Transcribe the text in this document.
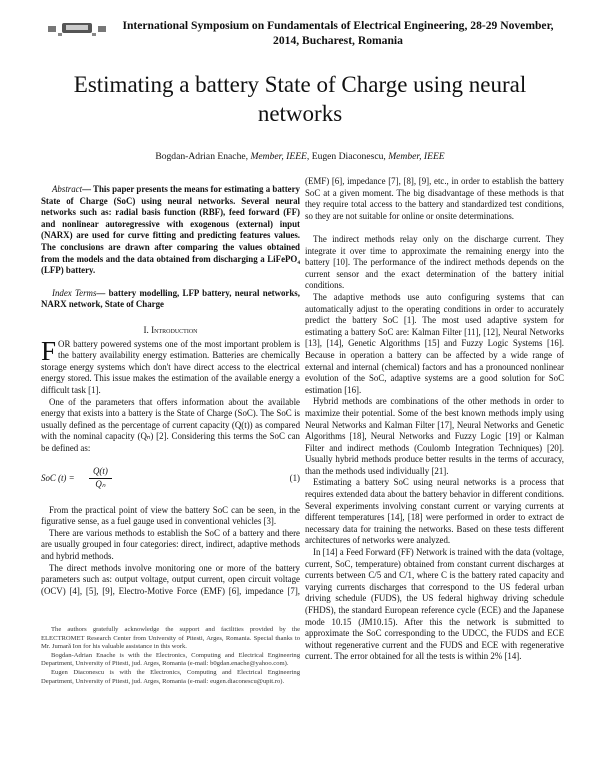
International Symposium on Fundamentals of Electrical Engineering, 28-29 November, 2014, Bucharest, Romania
Estimating a battery State of Charge using neural networks
Bogdan-Adrian Enache, Member, IEEE, Eugen Diaconescu, Member, IEEE

Abstract— This paper presents the means for estimating a battery State of Charge (SoC) using neural networks. Several neural networks such as: radial basis function (RBF), feed forward (FF) and nonlinear autoregressive with exogenous (external) input (NARX) are used for curve fitting and predicting features values. The conclusions are drawn after comparing the values obtained from the models and the data obtained from discharging a LiFePO₄ (LFP) battery.

Index Terms— battery modelling, LFP battery, neural networks, NARX network, State of Charge

I. Introduction

FOR battery powered systems one of the most important problem is the battery availability energy estimation. Batteries are chemically storage energy systems which don't have direct access to the electrical energy stored. This issue makes the estimation of the available energy a difficult task [1].

One of the parameters that offers information about the available energy that exists into a battery is the State of Charge (SoC). The SoC is usually defined as the percentage of current capacity (Q(t)) as compared with the nominal capacity (Qₙ) [2]. Considering this terms the SoC can be defined as:

SoC (t) =	$\frac{Q(t)}{\text{Qₙ}}$	(1)

From the practical point of view the battery SoC can be seen, in the figurative sense, as a fuel gauge used in conventional vehicles [3].

There are various methods to establish the SoC of a battery and there are usually grouped in four categories: direct, indirect, adaptive methods and hybrid methods.

The direct methods involve monitoring one or more of the battery parameters such as: output voltage, output current, open circuit voltage (OCV) [4], [5], [9], Electro-Motive Force (EMF) [6], impedance [7],

The authors gratefully acknowledge the support and facilities provided by the ELECTROMET Research Center from University of Pitesti, Arges, Romania. Special thanks to Mr. Jumară Ion for his valuable assistance in this work.

Bogdan-Adrian Enache is with the Electronics, Computing and Electrical Engineering Department, University of Pitesti, jud. Arges, Romania (e-mail: b0gdan.enache@yahoo.com).

Eugen Diaconescu is with the Electronics, Computing and Electrical Engineering Department, University of Pitesti, jud. Arges, Romania (e-mail: eugen.diaconescu@upit.ro).

(EMF) [6], impedance [7], [8], [9], etc., in order to establish the battery SoC at a given moment. The big disadvantage of these methods is that they require total access to the battery and standardized test conditions, so they are not suitable for online or onsite determinations.

The indirect methods relay only on the discharge current. They integrate it over time to approximate the remaining energy into the battery [10]. The performance of the indirect methods depends on the current sensor and the exact determination of the battery initial conditions.

The adaptive methods use auto configuring systems that can automatically adjust to the operating conditions in order to accurately predict the battery SoC [1]. The most used adaptive system for estimating a battery SoC are: Kalman Filter [11], [12], Neural Networks [13], [14], Genetic Algorithms [15] and Fuzzy Logic Systems [16]. Because in operation a battery can be affected by a wide range of external and internal (chemical) factors and has a pronounced nonlinear evolution of the SoC, adaptive systems are a good solution for SoC estimation [16].

Hybrid methods are combinations of the other methods in order to maximize their potential. Some of the best known methods imply using Neural Networks and Kalman Filter [17], Neural Networks and Genetic Algorithms [18], Neural Networks and Fuzzy Logic [19] or Kalman Filter and indirect methods (Coulomb Integration Techniques) [20]. Usually hybrid methods produce better results in the terms of accuracy, than the methods used individually [21].

Estimating a battery SoC using neural networks is a process that requires extended data about the battery behavior in different conditions. Several experiments involving constant current or varying currents at different temperatures [14], [18] were performed in order to extract de necessary data for training the networks. Based on these tests different architectures of networks were analyzed.

In [14] a Feed Forward (FF) Network is trained with the data (voltage, current, SoC, temperature) obtained from constant current discharges at currents between C/5 and C/1, where C is the battery rated capacity and varying currents discharges that correspond to the US federal urban driving schedule (FUDS), the US federal highway driving schedule (FHDS), the standard European reference cycle (ECE) and the Japanese mode 10.15 (JM10.15). After this the network is submitted to approximate the SoC corresponding to the UDCC, the FUDS and ECE without regenerative current and the FUDS and ECE with regenerative current. The error obtained for all the tests is within 2% [14].
